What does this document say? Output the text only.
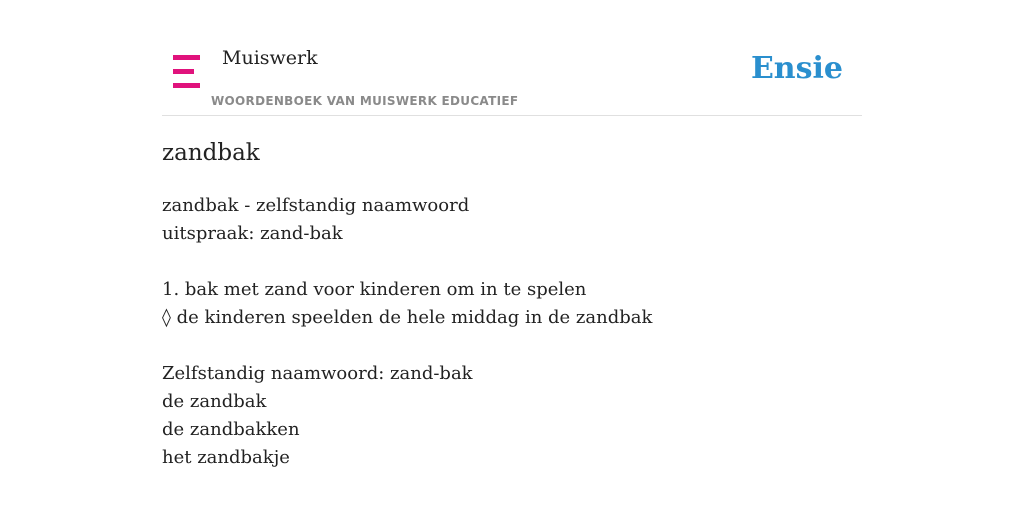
Muiswerk
WOORDENBOEK VAN MUISWERK EDUCATIEF
Ensie
zandbak
zandbak - zelfstandig naamwoord
uitspraak: zand-bak
1. bak met zand voor kinderen om in te spelen
◊ de kinderen speelden de hele middag in de zandbak
Zelfstandig naamwoord: zand-bak
de zandbak
de zandbakken
het zandbakje
